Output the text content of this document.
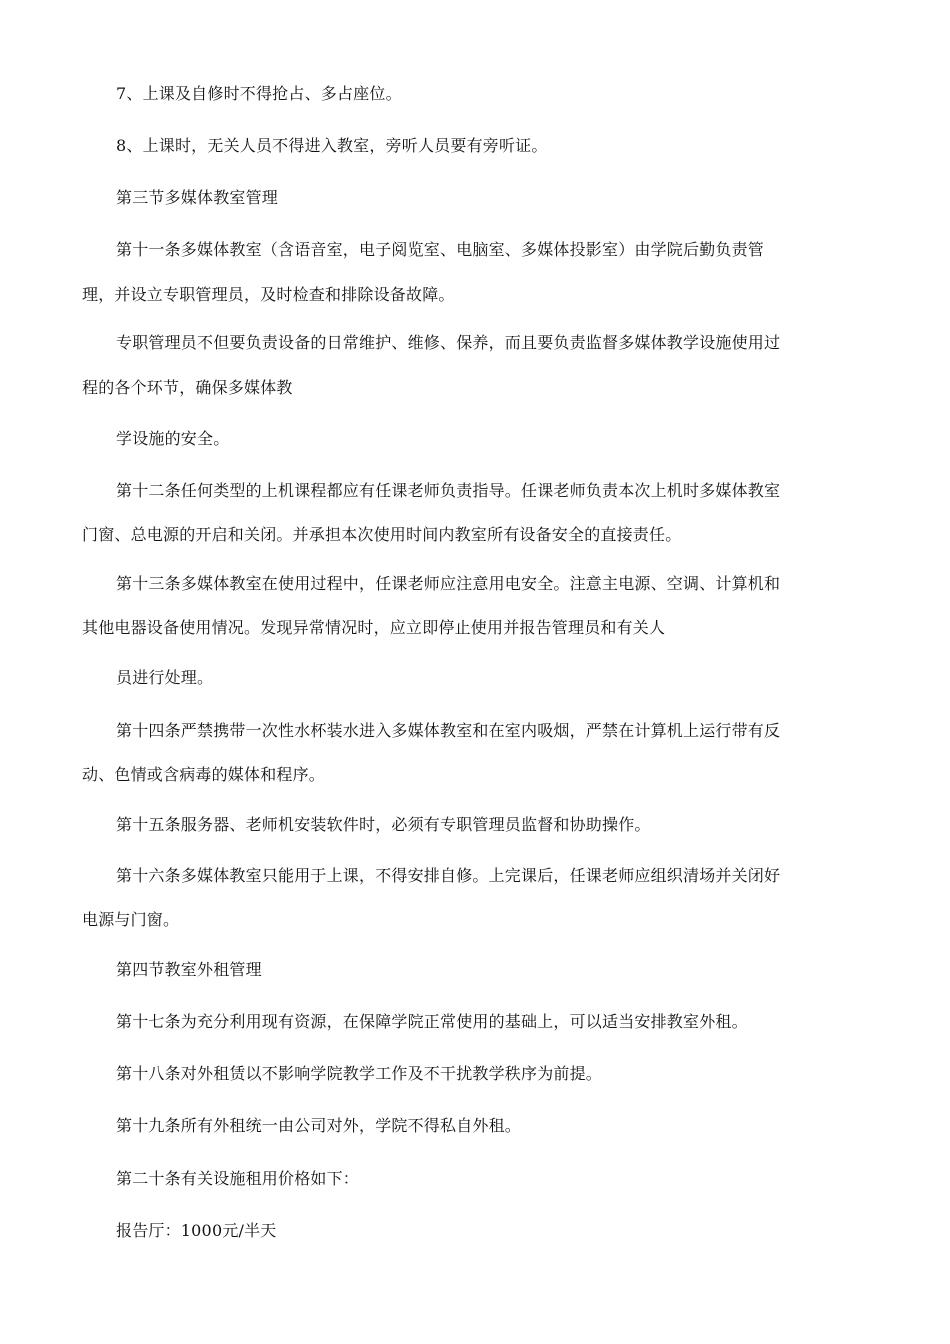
7、上课及自修时不得抢占、多占座位。

8、上课时，无关人员不得进入教室，旁听人员要有旁听证。

第三节多媒体教室管理

第十一条多媒体教室（含语音室，电子阅览室、电脑室、多媒体投影室）由学院后勤负责管

理，并设立专职管理员，及时检查和排除设备故障。

专职管理员不但要负责设备的日常维护、维修、保养，而且要负责监督多媒体教学设施使用过

程的各个环节，确保多媒体教

学设施的安全。

第十二条任何类型的上机课程都应有任课老师负责指导。任课老师负责本次上机时多媒体教室

门窗、总电源的开启和关闭。并承担本次使用时间内教室所有设备安全的直接责任。

第十三条多媒体教室在使用过程中，任课老师应注意用电安全。注意主电源、空调、计算机和

其他电器设备使用情况。发现异常情况时，应立即停止使用并报告管理员和有关人

员进行处理。

第十四条严禁携带一次性水杯装水进入多媒体教室和在室内吸烟，严禁在计算机上运行带有反

动、色情或含病毒的媒体和程序。

第十五条服务器、老师机安装软件时，必须有专职管理员监督和协助操作。

第十六条多媒体教室只能用于上课，不得安排自修。上完课后，任课老师应组织清场并关闭好

电源与门窗。

第四节教室外租管理

第十七条为充分利用现有资源，在保障学院正常使用的基础上，可以适当安排教室外租。

第十八条对外租赁以不影响学院教学工作及不干扰教学秩序为前提。

第十九条所有外租统一由公司对外，学院不得私自外租。

第二十条有关设施租用价格如下：

报告厅：1000元/半天
